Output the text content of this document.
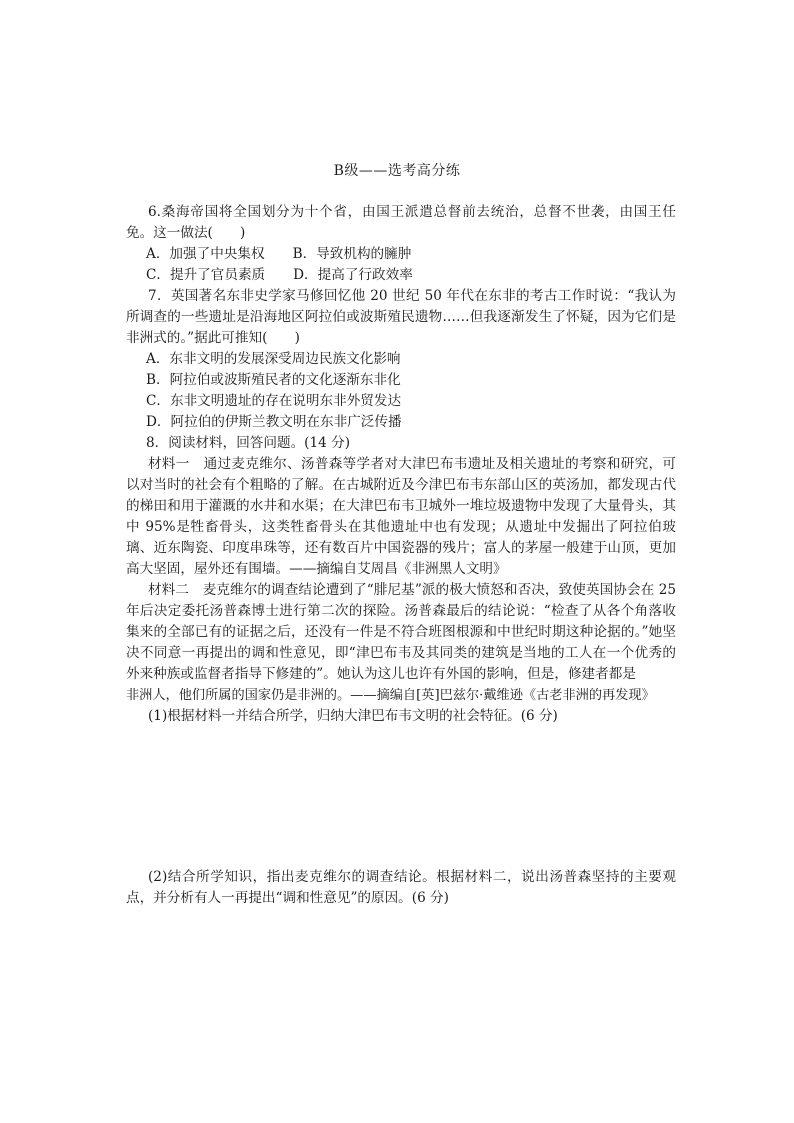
B级——选考高分练
6.桑海帝国将全国划分为十个省，由国王派遣总督前去统治，总督不世袭，由国王任免。这一做法(　　)
A．加强了中央集权 B．导致机构的臃肿
C．提升了官员素质 D．提高了行政效率
7．英国著名东非史学家马修回忆他 20 世纪 50 年代在东非的考古工作时说：“我认为所调查的一些遗址是沿海地区阿拉伯或波斯殖民遗物……但我逐渐发生了怀疑，因为它们是非洲式的。”据此可推知(　　)
A．东非文明的发展深受周边民族文化影响
B．阿拉伯或波斯殖民者的文化逐渐东非化
C．东非文明遗址的存在说明东非外贸发达
D．阿拉伯的伊斯兰教文明在东非广泛传播
8．阅读材料，回答问题。(14 分)
材料一　通过麦克维尔、汤普森等学者对大津巴布韦遗址及相关遗址的考察和研究，可以对当时的社会有个粗略的了解。在古城附近及今津巴布韦东部山区的英汤加，都发现古代的梯田和用于灌溉的水井和水渠；在大津巴布韦卫城外一堆垃圾遗物中发现了大量骨头，其中 95%是牲畜骨头，这类牲畜骨头在其他遗址中也有发现；从遗址中发掘出了阿拉伯玻璃、近东陶瓷、印度串珠等，还有数百片中国瓷器的残片；富人的茅屋一般建于山顶，更加高大坚固，屋外还有围墙。——摘编自艾周昌《非洲黑人文明》
材料二　麦克维尔的调查结论遭到了“腓尼基”派的极大愤怒和否决，致使英国协会在 25 年后决定委托汤普森博士进行第二次的探险。汤普森最后的结论说：“检查了从各个角落收集来的全部已有的证据之后，还没有一件是不符合班图根源和中世纪时期这种论据的。”她坚决不同意一再提出的调和性意见，即“津巴布韦及其同类的建筑是当地的工人在一个优秀的外来种族或监督者指导下修建的”。她认为这儿也许有外国的影响，但是，修建者都是
非洲人，他们所属的国家仍是非洲的。——摘编自[英]巴兹尔·戴维逊《古老非洲的再发现》
(1)根据材料一并结合所学，归纳大津巴布韦文明的社会特征。(6 分)
(2)结合所学知识，指出麦克维尔的调查结论。根据材料二，说出汤普森坚持的主要观点，并分析有人一再提出“调和性意见”的原因。(6 分)
